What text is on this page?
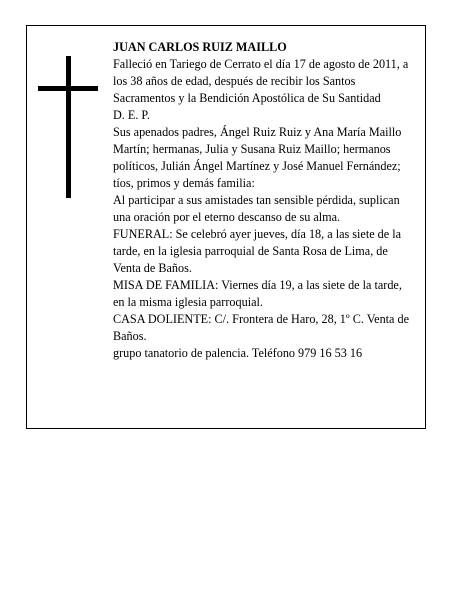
JUAN CARLOS RUIZ MAILLO

Falleció en Tariego de Cerrato el día 17 de agosto de 2011, a los 38 años de edad, después de recibir los Santos Sacramentos y la Bendición Apostólica de Su Santidad

D. E. P.

Sus apenados padres, Ángel Ruiz Ruiz y Ana María Maillo Martín; hermanas, Julia y Susana Ruiz Maillo; hermanos políticos, Julián Ángel Martínez y José Manuel Fernández; tíos, primos y demás familia:

Al participar a sus amistades tan sensible pérdida, suplican una oración por el eterno descanso de su alma.

FUNERAL: Se celebró ayer jueves, día 18, a las siete de la tarde, en la iglesia parroquial de Santa Rosa de Lima, de Venta de Baños.

MISA DE FAMILIA: Viernes día 19, a las siete de la tarde, en la misma iglesia parroquial.

CASA DOLIENTE: C/. Frontera de Haro, 28, 1º C. Venta de Baños.

grupo tanatorio de palencia. Teléfono 979 16 53 16
